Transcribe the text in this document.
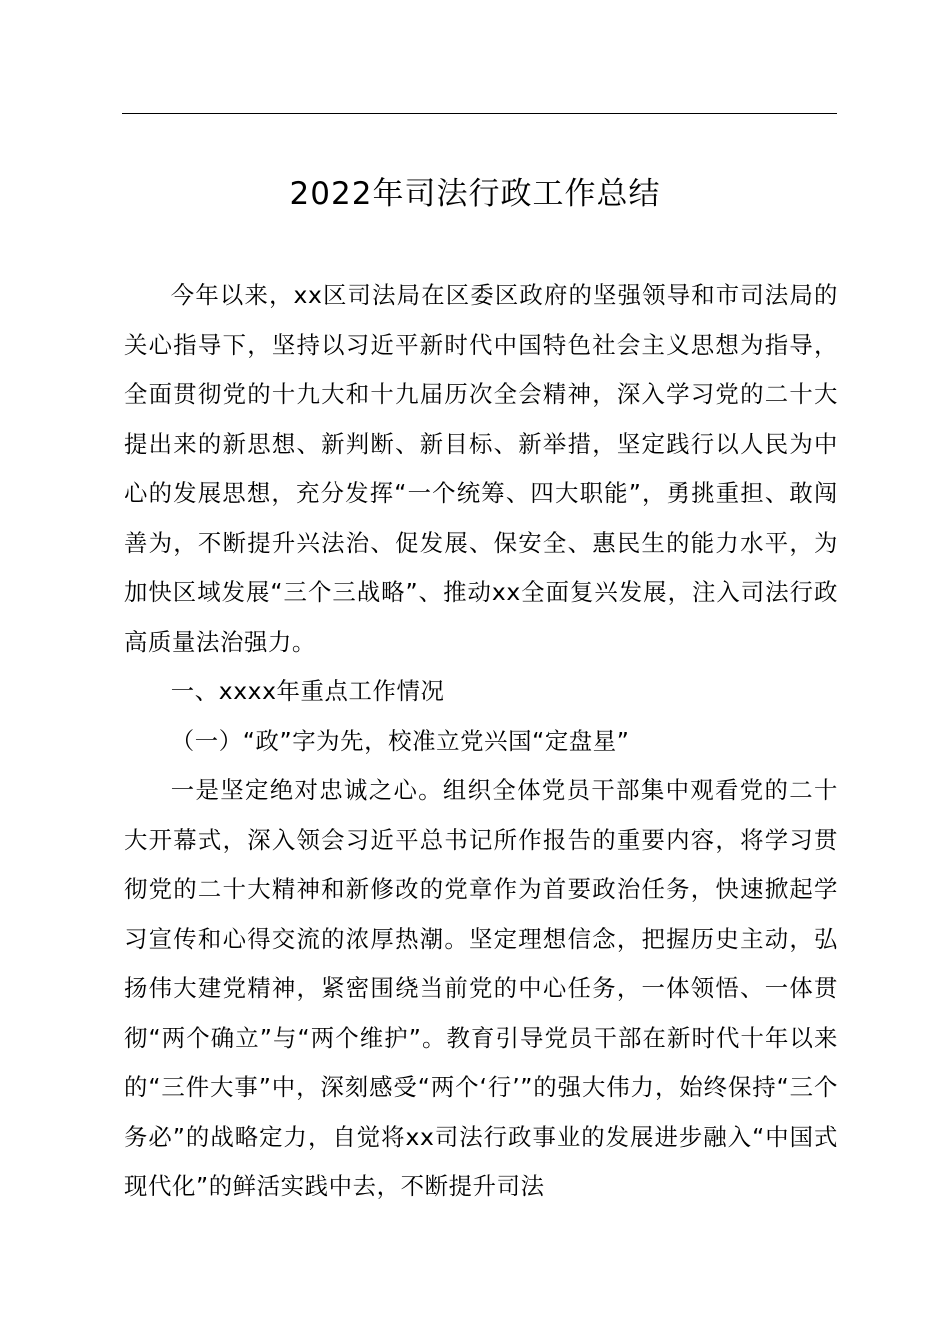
2022年司法行政工作总结

今年以来，xx区司法局在区委区政府的坚强领导和市司法局的关心指导下，坚持以习近平新时代中国特色社会主义思想为指导，全面贯彻党的十九大和十九届历次全会精神，深入学习党的二十大提出来的新思想、新判断、新目标、新举措，坚定践行以人民为中心的发展思想，充分发挥“一个统筹、四大职能”，勇挑重担、敢闯善为，不断提升兴法治、促发展、保安全、惠民生的能力水平，为加快区域发展“三个三战略”、推动xx全面复兴发展，注入司法行政高质量法治强力。

一、xxxx年重点工作情况
（一）“政”字为先，校准立党兴国“定盘星”

一是坚定绝对忠诚之心。组织全体党员干部集中观看党的二十大开幕式，深入领会习近平总书记所作报告的重要内容，将学习贯彻党的二十大精神和新修改的党章作为首要政治任务，快速掀起学习宣传和心得交流的浓厚热潮。坚定理想信念，把握历史主动，弘扬伟大建党精神，紧密围绕当前党的中心任务，一体领悟、一体贯彻“两个确立”与“两个维护”。教育引导党员干部在新时代十年以来的“三件大事”中，深刻感受“两个‘行’”的强大伟力，始终保持“三个务必”的战略定力，自觉将xx司法行政事业的发展进步融入“中国式现代化”的鲜活实践中去，不断提升司法
